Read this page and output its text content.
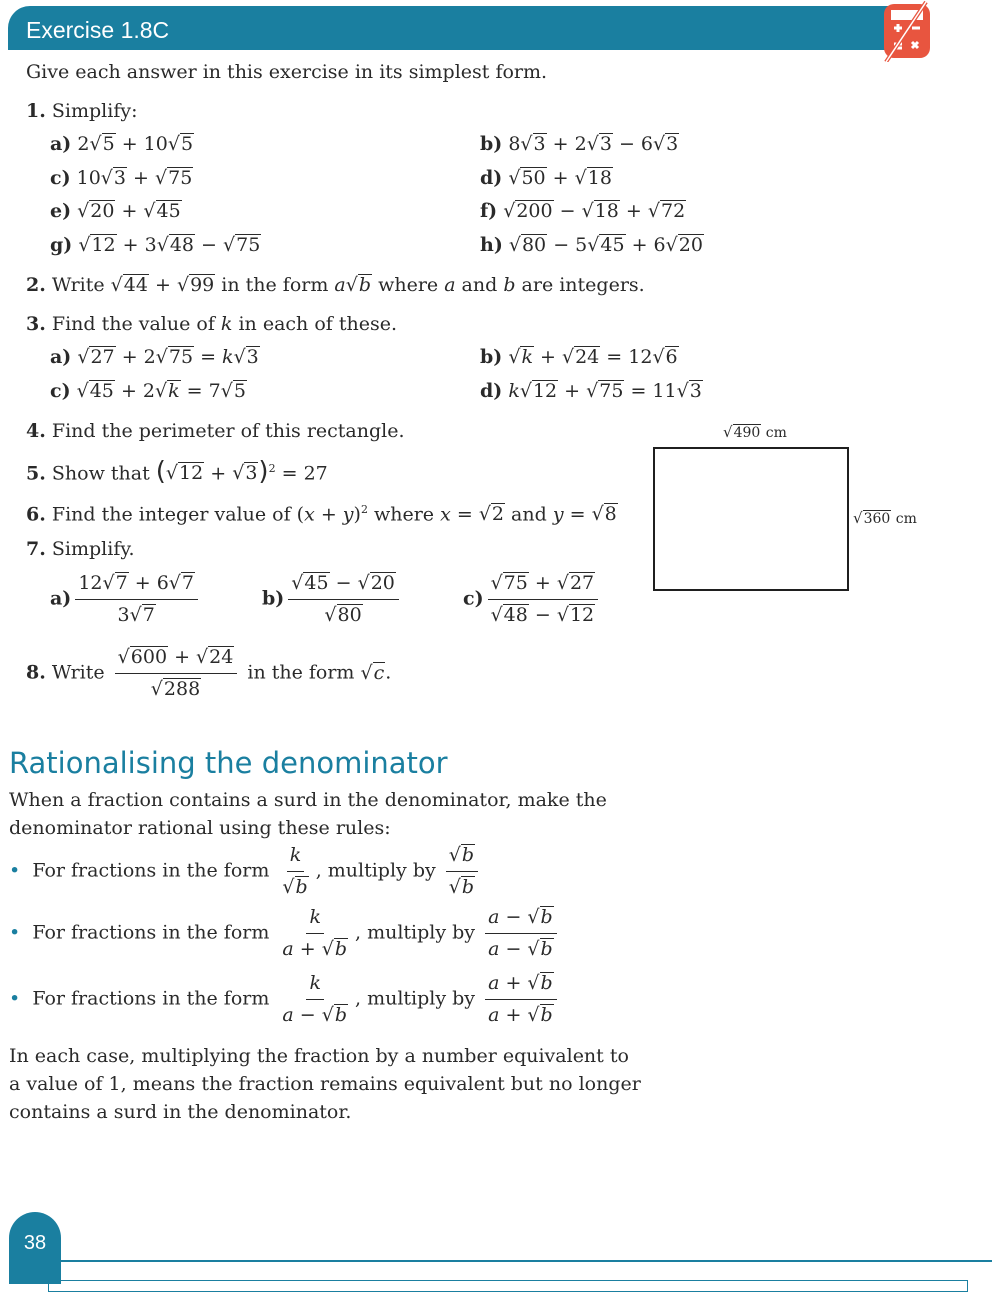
Exercise 1.8C
Give each answer in this exercise in its simplest form.
1. Simplify:
a) 2√5 + 10√5	b) 8√3 + 2√3 − 6√3
c) 10√3 + √75	d) √50 + √18
e) √20 + √45	f) √200 − √18 + √72
g) √12 + 3√48 − √75	h) √80 − 5√45 + 6√20
2. Write √44 + √99 in the form a√b where a and b are integers.
3. Find the value of k in each of these.
a) √27 + 2√75 = k√3	b) √k + √24 = 12√6
c) √45 + 2√k = 7√5	d) k√12 + √75 = 11√3
4. Find the perimeter of this rectangle.	√490 cm
√360 cm
5. Show that $(√12 + √3)^2 = 27$
6. Find the integer value of $(x + y)^2$ where x = √2 and y = √8
7. Simplify.
$a) \frac{12√7 + 6√7}{3√7}$	$b) \frac{√45 - √20}{√80}$	$c) \frac{√75 + √27}{√48 - √12}$
8. Write $\frac{√600 + √24}{√288}$ in the form √c.
Rationalising the denominator
When a fraction contains a surd in the denominator, make the
denominator rational using these rules:
• For fractions in the form $\frac{k}{√b}$ , multiply by $\frac{√b}{√b}$
• For fractions in the form $\frac{k}{a + √b}$ , multiply by $\frac{a - √b}{a - √b}$
• For fractions in the form $\frac{k}{a - √b}$ , multiply by $\frac{a + √b}{a + √b}$
In each case, multiplying the fraction by a number equivalent to
a value of 1, means the fraction remains equivalent but no longer
contains a surd in the denominator.
38
